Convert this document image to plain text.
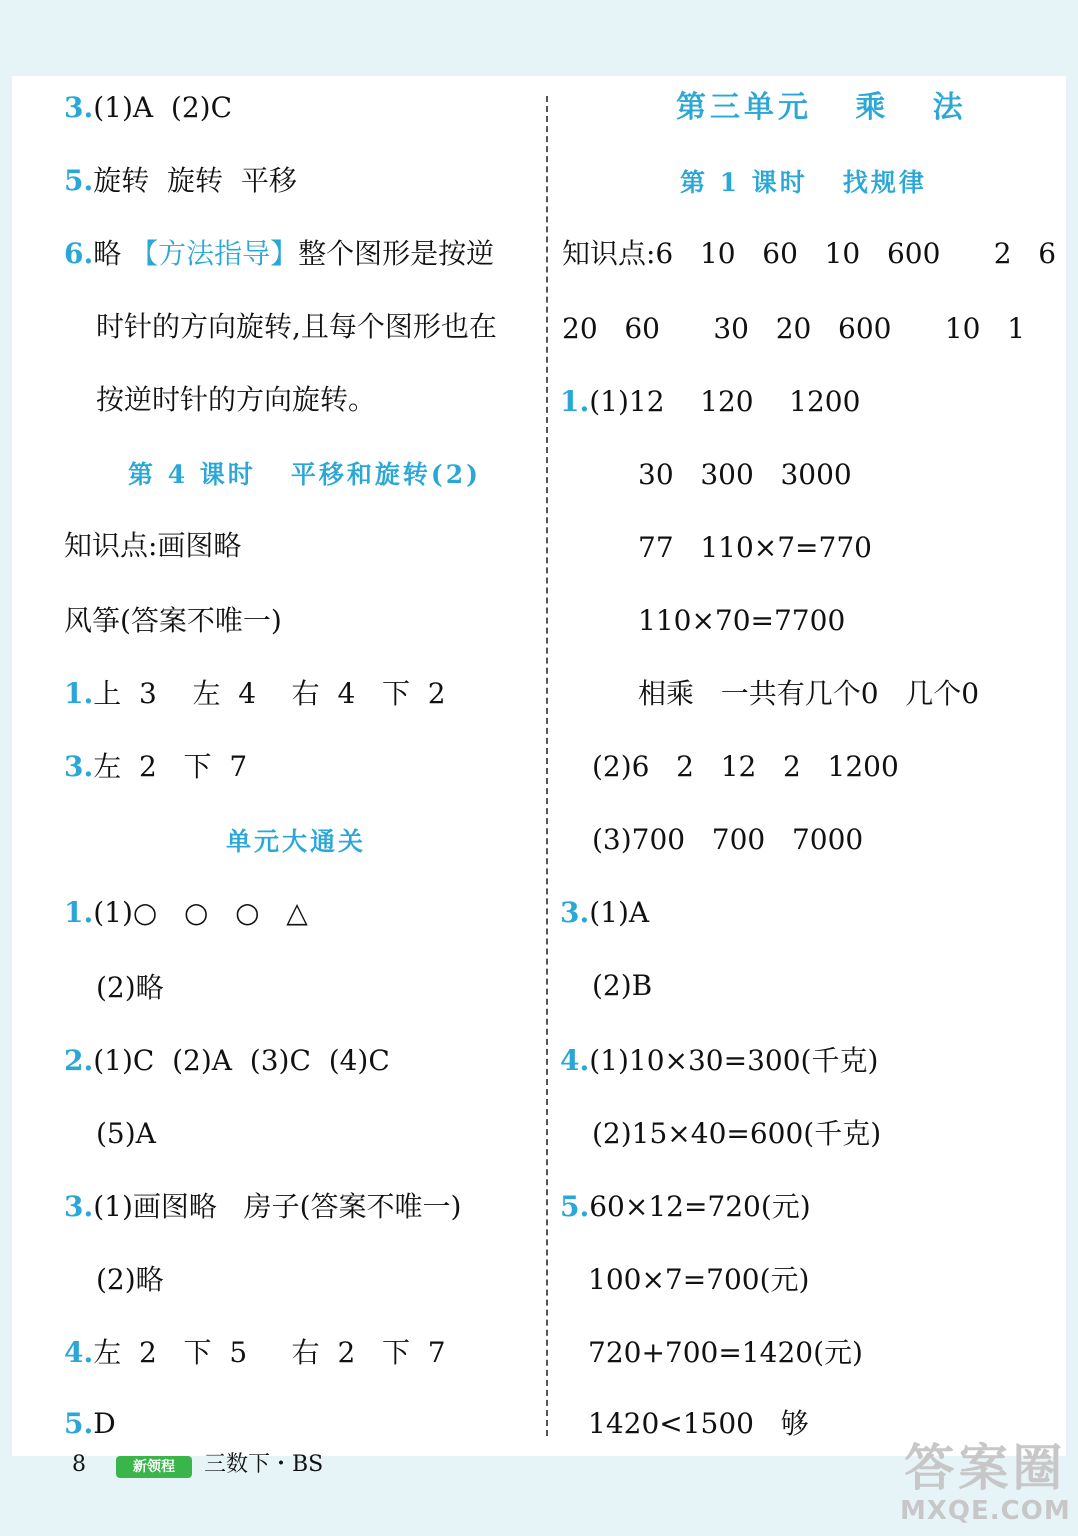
3.(1)A  (2)C
5.旋转  旋转  平移
6.略 【方法指导】整个图形是按逆
时针的方向旋转,且每个图形也在
按逆时针的方向旋转。
第 4 课时   平移和旋转(2)
知识点:画图略
风筝(答案不唯一)
1.上  3    左  4    右  4   下  2
3.左  2   下  7
单元大通关
1.(1)○   ○   ○   △
(2)略
2.(1)C  (2)A  (3)C  (4)C
(5)A
3.(1)画图略   房子(答案不唯一)
(2)略
4.左  2   下  5     右  2   下  7
5.D
第三单元   乘   法
第 1 课时   找规律
知识点:6   10   60   10   600      2   6
20   60      30   20   600      10   1
1.(1)12    120    1200
30   300   3000
77   110×7=770
110×70=7700
相乘   一共有几个0   几个0
(2)6   2   12   2   1200
(3)700   700   7000
3.(1)A
(2)B
4.(1)10×30=300(千克)
(2)15×40=600(千克)
5.60×12=720(元)
100×7=700(元)
720+700=1420(元)
1420<1500   够
8	新领程	三数下・BS	答案圈
MXQE.COM
